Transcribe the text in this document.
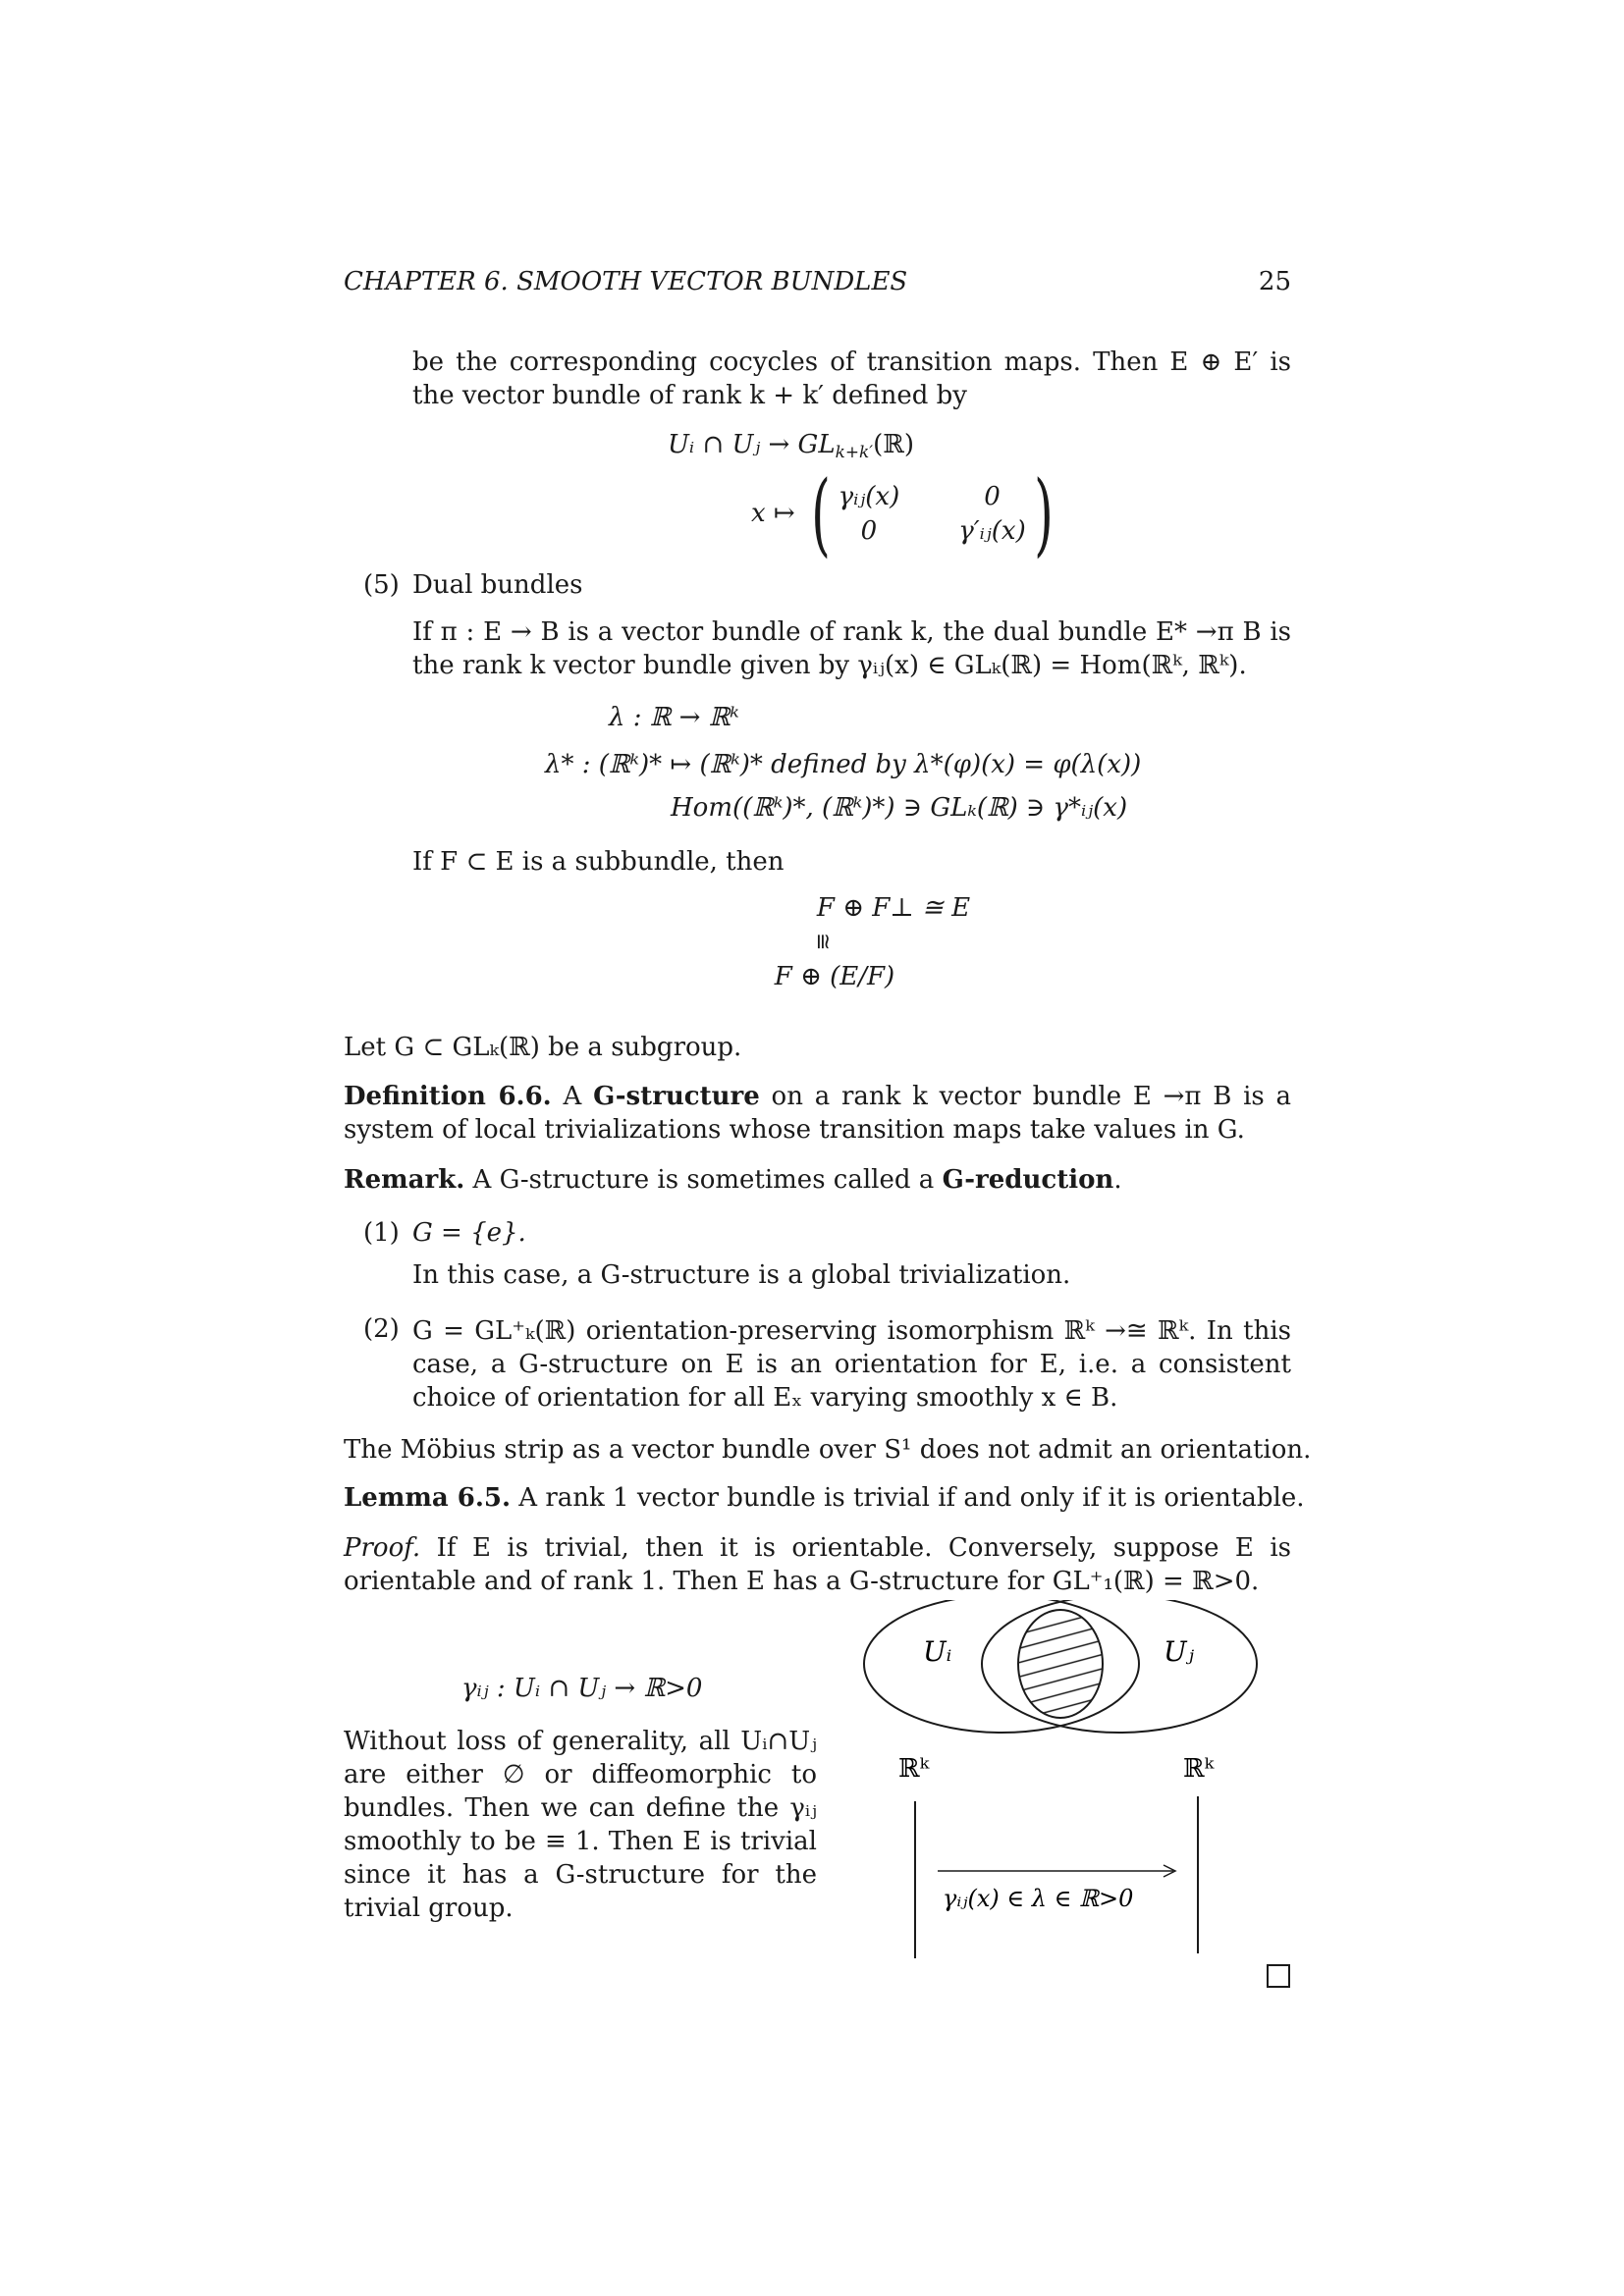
CHAPTER 6. SMOOTH VECTOR BUNDLES	25
be the corresponding cocycles of transition maps. Then E ⊕ E′ is the vector bundle of rank k + k′ defined by
Uᵢ ∩ Uⱼ → $GL_{k+k'}(ℝ)$
x ↦ ( γᵢⱼ(x)	0
0	γ′ᵢⱼ(x) )
(5) Dual bundles
If π : E → B is a vector bundle of rank k, the dual bundle E* →π B is the rank k vector bundle given by γᵢⱼ(x) ∈ GLₖ(ℝ) = Hom(ℝᵏ, ℝᵏ).
λ : ℝ → ℝᵏ
λ* : (ℝᵏ)* ↦ (ℝᵏ)* defined by λ*(φ)(x) = φ(λ(x))
Hom((ℝᵏ)*, (ℝᵏ)*) ∋ GLₖ(ℝ) ∋ γ*ᵢⱼ(x)
If F ⊂ E is a subbundle, then
F ⊕ F⊥ ≅ E
≅
F ⊕ (E/F)
Let G ⊂ GLₖ(ℝ) be a subgroup.
Definition 6.6. A G-structure on a rank k vector bundle E →π B is a system of local trivializations whose transition maps take values in G.
Remark. A G-structure is sometimes called a G-reduction.
(1) G = {e}.
In this case, a G-structure is a global trivialization.
(2) G = GL⁺ₖ(ℝ) orientation-preserving isomorphism ℝᵏ →≅ ℝᵏ. In this case, a G-structure on E is an orientation for E, i.e. a consistent choice of orientation for all Eₓ varying smoothly x ∈ B.
The Möbius strip as a vector bundle over S¹ does not admit an orientation.
Lemma 6.5. A rank 1 vector bundle is trivial if and only if it is orientable.
Proof. If E is trivial, then it is orientable. Conversely, suppose E is orientable and of rank 1. Then E has a G-structure for GL⁺₁(ℝ) = ℝ>0.
γᵢⱼ : Uᵢ ∩ Uⱼ → ℝ>0
Without loss of generality, all Uᵢ∩Uⱼ are either ∅ or diffeomorphic to bundles. Then we can define the γᵢⱼ smoothly to be ≡ 1. Then E is trivial since it has a G-structure for the trivial group.
Uᵢ	Uⱼ
ℝᵏ	ℝᵏ
γᵢⱼ(x) ∈ λ ∈ ℝ>0
